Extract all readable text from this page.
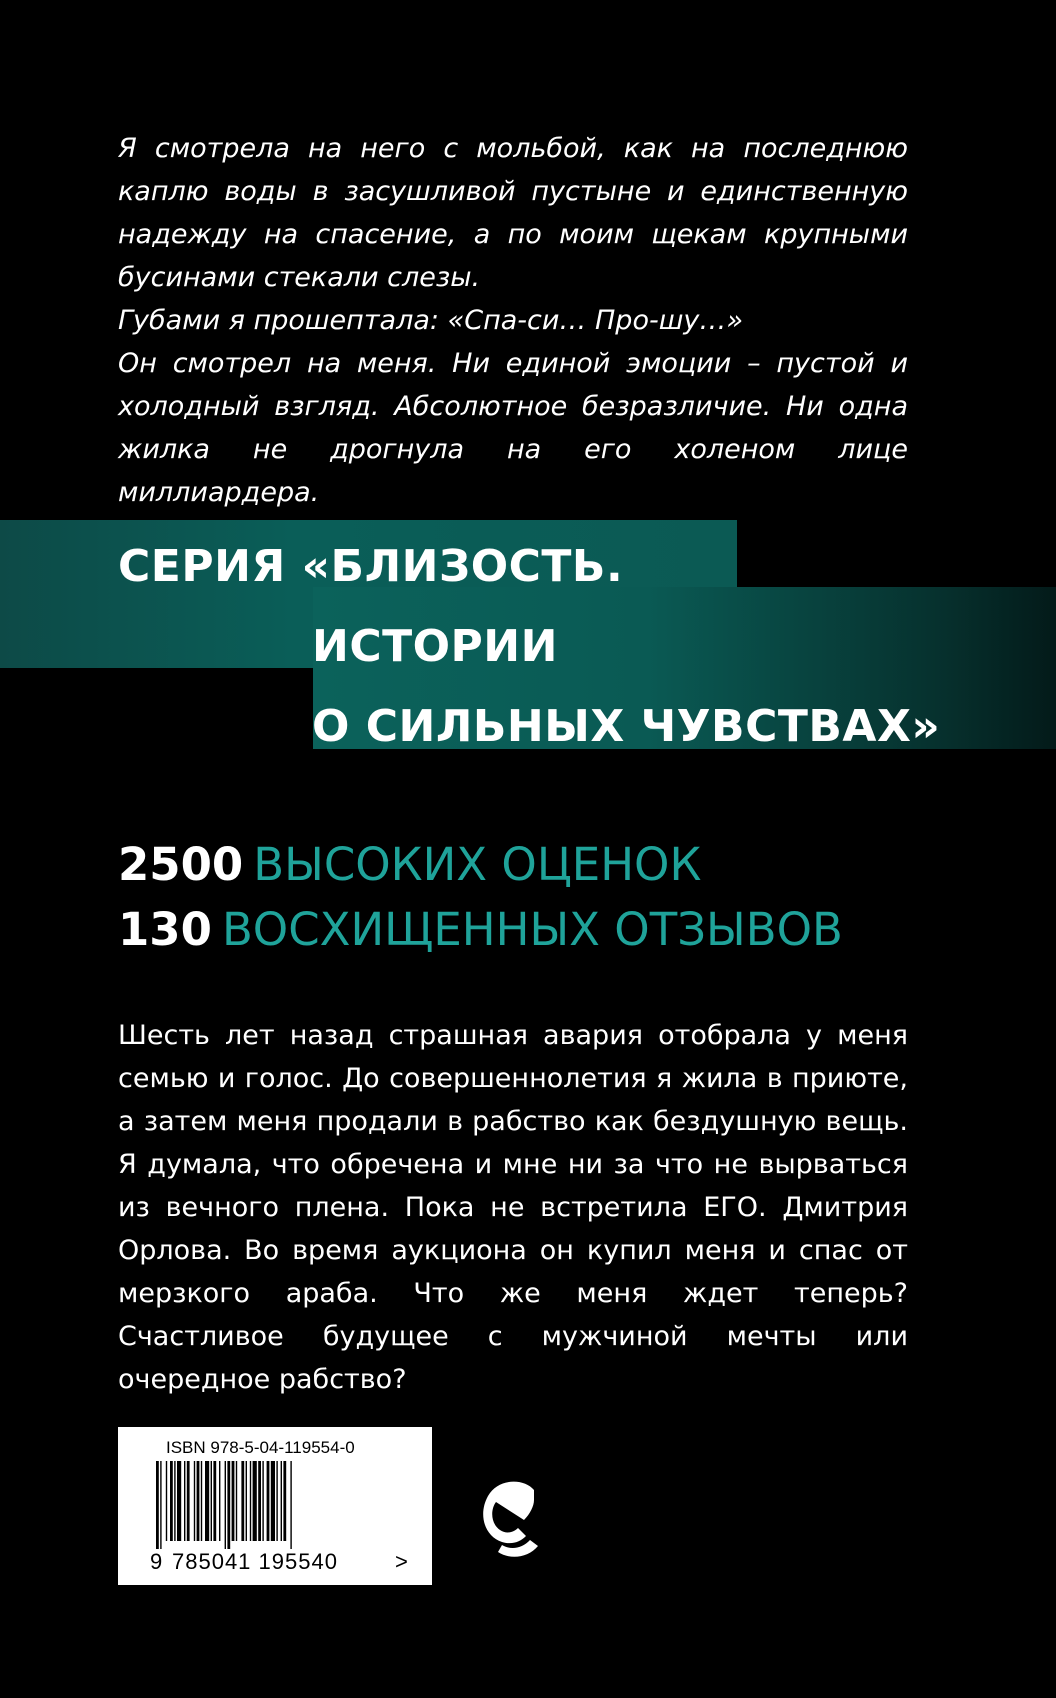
Я смотрела на него с мольбой, как на последнюю каплю воды в засушливой пустыне и единственную надежду на спасение, а по моим щекам крупными бусинами стекали слезы.

Губами я прошептала: «Спа-си… Про-шу…»

Он смотрел на меня. Ни единой эмоции – пустой и холодный взгляд. Абсолютное безразличие. Ни одна жилка не дрогнула на его холеном лице миллиардера.

СЕРИЯ «БЛИЗОСТЬ.
ИСТОРИИ
О СИЛЬНЫХ ЧУВСТВАХ»
2500 ВЫСОКИХ ОЦЕНОК
130 ВОСХИЩЕННЫХ ОТЗЫВОВ

Шесть лет назад страшная авария отобрала у меня семью и голос. До совершеннолетия я жила в приюте, а затем меня продали в рабство как бездушную вещь. Я думала, что обречена и мне ни за что не вырваться из вечного плена. Пока не встретила ЕГО. Дмитрия Орлова. Во время аукциона он купил меня и спас от мерзкого араба. Что же меня ждет теперь? Счастливое будущее с мужчиной мечты или очередное рабство?

ISBN 978-5-04-119554-0
9 785041 195540	>
